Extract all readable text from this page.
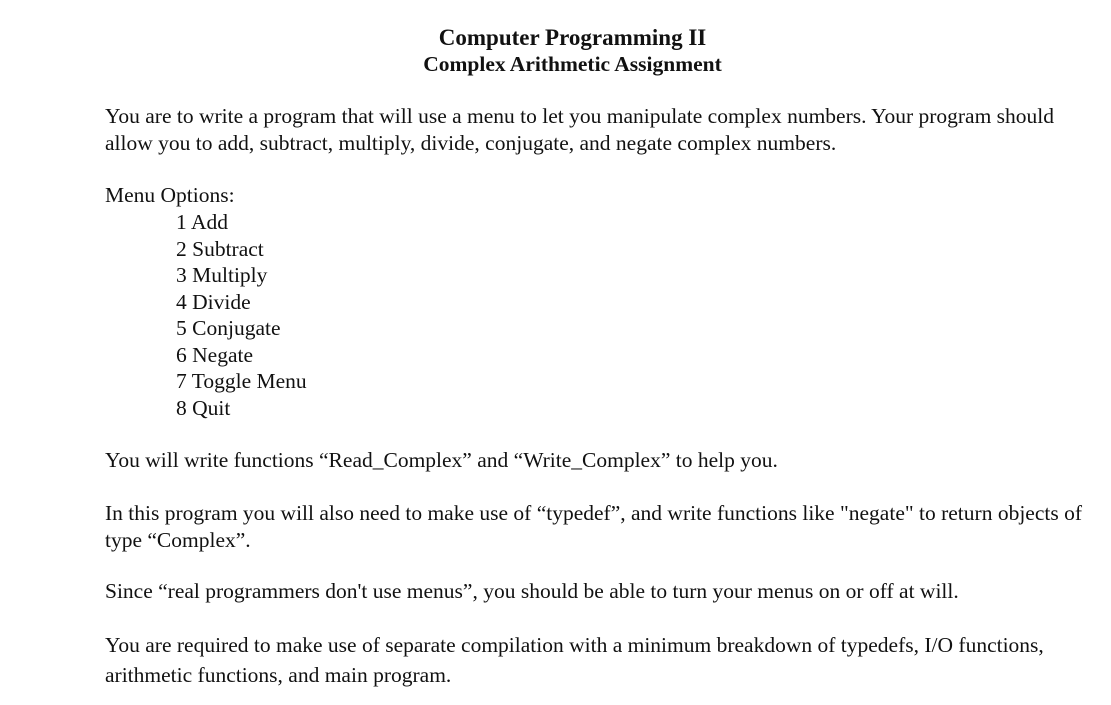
Computer Programming II
Complex Arithmetic Assignment

You are to write a program that will use a menu to let you manipulate complex numbers. Your program should allow you to add, subtract, multiply, divide, conjugate, and negate complex numbers.

Menu Options:

1 Add
2 Subtract
3 Multiply
4 Divide
5 Conjugate
6 Negate
7 Toggle Menu
8 Quit

You will write functions “Read_Complex” and “Write_Complex” to help you.

In this program you will also need to make use of “typedef”, and write functions like "negate" to return objects of type “Complex”.

Since “real programmers don't use menus”, you should be able to turn your menus on or off at will.

You are required to make use of separate compilation with a minimum breakdown of typedefs, I/O functions, arithmetic functions, and main program.
